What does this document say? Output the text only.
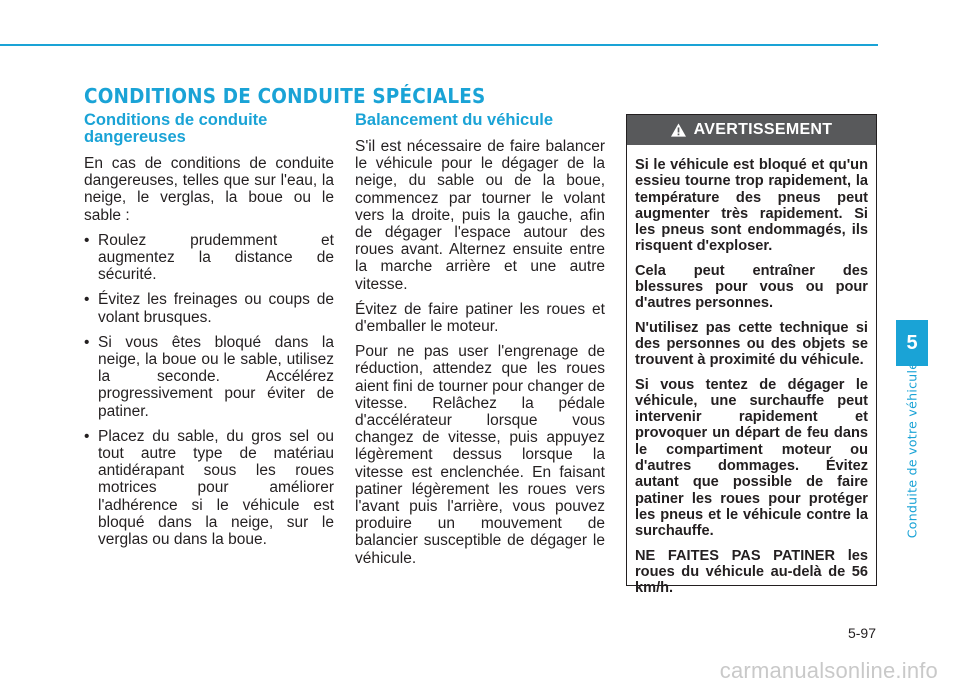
CONDITIONS DE CONDUITE SPÉCIALES
Conditions de conduite dangereuses

En cas de conditions de conduite dangereuses, telles que sur l'eau, la neige, le verglas, la boue ou le sable :

• Roulez prudemment et augmentez la distance de sécurité.
• Évitez les freinages ou coups de volant brusques.
• Si vous êtes bloqué dans la neige, la boue ou le sable, utilisez la seconde. Accélérez progressivement pour éviter de patiner.
• Placez du sable, du gros sel ou tout autre type de matériau antidérapant sous les roues motrices pour améliorer l'adhérence si le véhicule est bloqué dans la neige, sur le verglas ou dans la boue.
Balancement du véhicule

S'il est nécessaire de faire balancer le véhicule pour le dégager de la neige, du sable ou de la boue, commencez par tourner le volant vers la droite, puis la gauche, afin de dégager l'espace autour des roues avant. Alternez ensuite entre la marche arrière et une autre vitesse.

Évitez de faire patiner les roues et d'emballer le moteur.

Pour ne pas user l'engrenage de réduction, attendez que les roues aient fini de tourner pour changer de vitesse. Relâchez la pédale d'accélérateur lorsque vous changez de vitesse, puis appuyez légèrement dessus lorsque la vitesse est enclenchée. En faisant patiner légèrement les roues vers l'avant puis l'arrière, vous pouvez produire un mouvement de balancier susceptible de dégager le véhicule.

AVERTISSEMENT

Si le véhicule est bloqué et qu'un essieu tourne trop rapidement, la température des pneus peut augmenter très rapidement. Si les pneus sont endommagés, ils risquent d'exploser.

Cela peut entraîner des blessures pour vous ou pour d'autres personnes.

N'utilisez pas cette technique si des personnes ou des objets se trouvent à proximité du véhicule.

Si vous tentez de dégager le véhicule, une surchauffe peut intervenir rapidement et provoquer un départ de feu dans le compartiment moteur ou d'autres dommages. Évitez autant que possible de faire patiner les roues pour protéger les pneus et le véhicule contre la surchauffe.

NE FAITES PAS PATINER les roues du véhicule au-delà de 56 km/h.

5
Conduite de votre véhicule
5-97
carmanualsonline.info
